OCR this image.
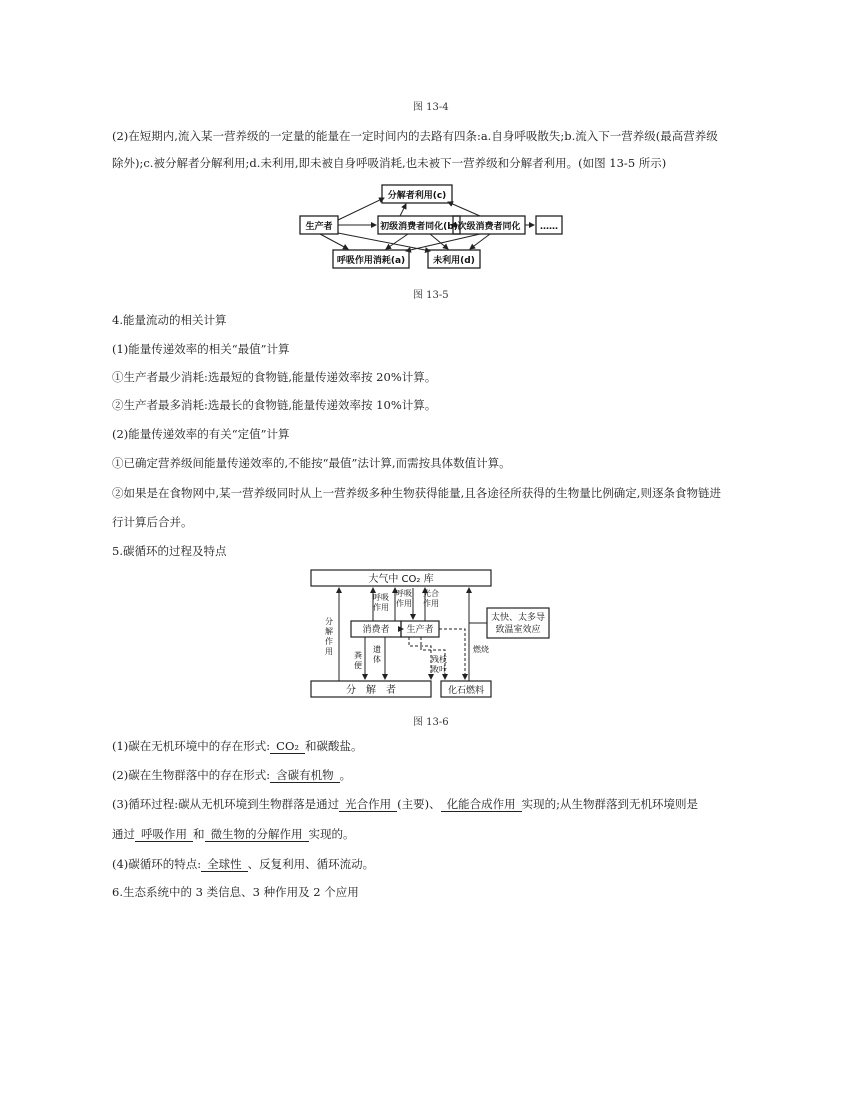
图 13-4
(2)在短期内,流入某一营养级的一定量的能量在一定时间内的去路有四条:a.自身呼吸散失;b.流入下一营养级(最高营养级
除外);c.被分解者分解利用;d.未利用,即未被自身呼吸消耗,也未被下一营养级和分解者利用。(如图 13-5 所示)
生产者	初级消费者同化(b) 次级消费者同化 ……
分解者利用(c)
呼吸作用消耗(a)	未利用(d)
图 13-5
4.能量流动的相关计算
(1)能量传递效率的相关“最值”计算
①生产者最少消耗:选最短的食物链,能量传递效率按 20%计算。
②生产者最多消耗:选最长的食物链,能量传递效率按 10%计算。
(2)能量传递效率的有关“定值”计算
①已确定营养级间能量传递效率的,不能按“最值”法计算,而需按具体数值计算。
②如果是在食物网中,某一营养级同时从上一营养级多种生物获得能量,且各途径所获得的生物量比例确定,则逐条食物链进
行计算后合并。
5.碳循环的过程及特点
大气中 CO₂ 库
消费者 生产者
分　解　者	化石燃料
太快、太多导
致温室效应
呼吸
作用
呼吸
作用
光合
作用
分
解
作
用	粪
便
遗
体	残枝
败叶
燃烧
图 13-6
(1)碳在无机环境中的存在形式: CO₂ 和碳酸盐。
(2)碳在生物群落中的存在形式: 含碳有机物 。
(3)循环过程:碳从无机环境到生物群落是通过 光合作用 (主要)、 化能合成作用 实现的;从生物群落到无机环境则是
通过 呼吸作用 和 微生物的分解作用 实现的。
(4)碳循环的特点: 全球性 、反复利用、循环流动。
6.生态系统中的 3 类信息、3 种作用及 2 个应用
